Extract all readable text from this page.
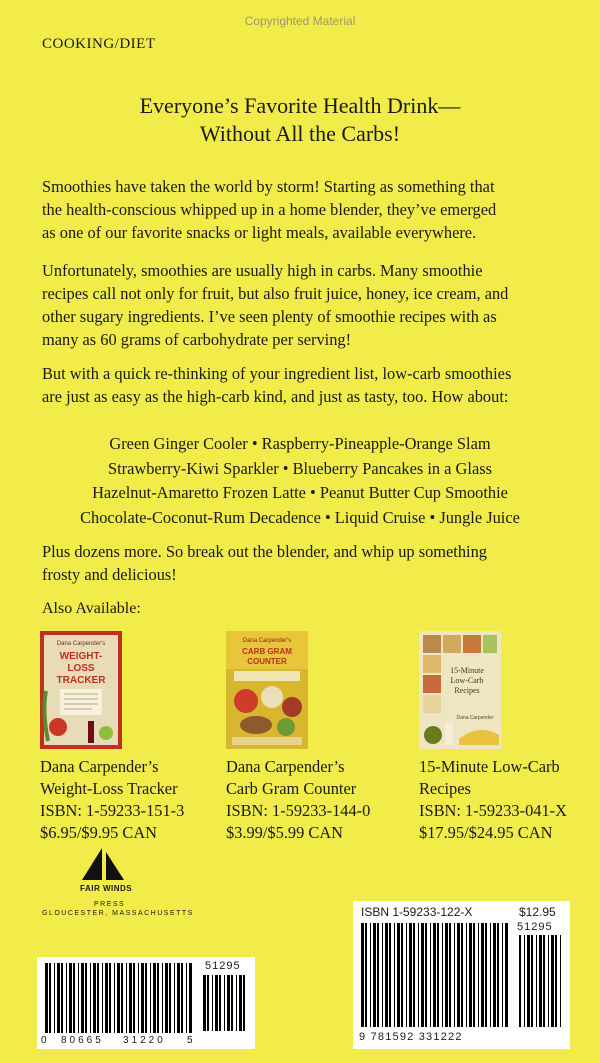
Copyrighted Material
COOKING/DIET
Everyone’s Favorite Health Drink—
Without All the Carbs!
Smoothies have taken the world by storm! Starting as something that
the health-conscious whipped up in a home blender, they’ve emerged
as one of our favorite snacks or light meals, available everywhere.
Unfortunately, smoothies are usually high in carbs. Many smoothie
recipes call not only for fruit, but also fruit juice, honey, ice cream, and
other sugary ingredients. I’ve seen plenty of smoothie recipes with as
many as 60 grams of carbohydrate per serving!
But with a quick re-thinking of your ingredient list, low-carb smoothies
are just as easy as the high-carb kind, and just as tasty, too. How about:
Green Ginger Cooler • Raspberry-Pineapple-Orange Slam
Strawberry-Kiwi Sparkler • Blueberry Pancakes in a Glass
Hazelnut-Amaretto Frozen Latte • Peanut Butter Cup Smoothie
Chocolate-Coconut-Rum Decadence • Liquid Cruise • Jungle Juice
Plus dozens more. So break out the blender, and whip up something
frosty and delicious!
Also Available:
Dana Carpender's
WEIGHT-
LOSS
TRACKER
Dana Carpender's
CARB GRAM
COUNTER
15-Minute
Low-Carb
Recipes
Dana Carpender
Dana Carpender’s
Weight-Loss Tracker
ISBN: 1-59233-151-3
$6.95/$9.95 CAN
Dana Carpender’s
Carb Gram Counter
ISBN: 1-59233-144-0
$3.99/$5.99 CAN
15-Minute Low-Carb
Recipes
ISBN: 1-59233-041-X
$17.95/$24.95 CAN
FAIR WINDS
PRESS
GLOUCESTER, MASSACHUSETTS
51295
0 80665 31220 5
ISBN 1-59233-122-X	$12.95
51295
9 781592 331222
